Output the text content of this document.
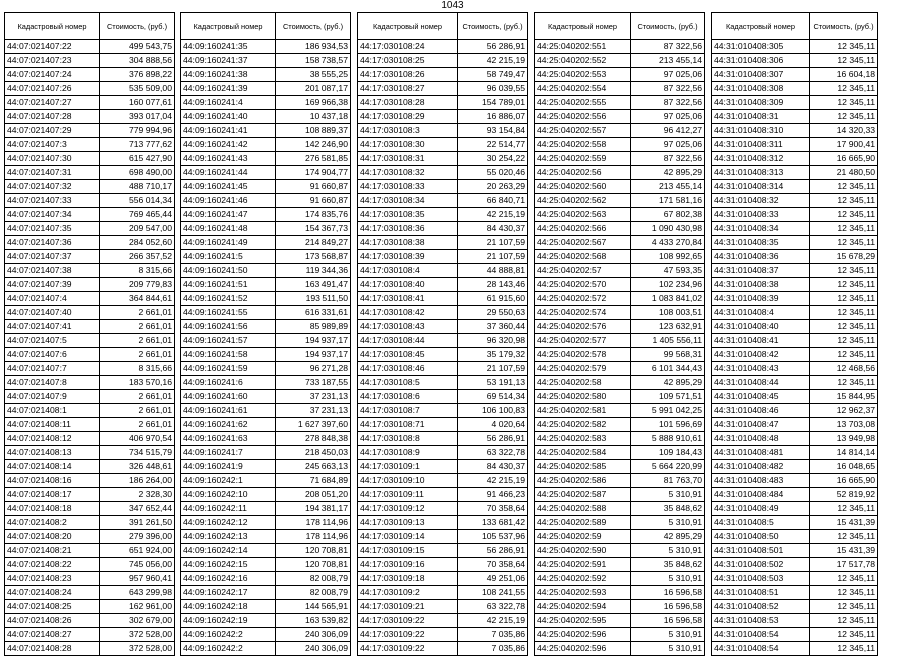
1043
Кадастровый номер	Стоимость, (руб.)
44:07:021407:22	499 543,75
44:07:021407:23	304 888,56
44:07:021407:24	376 898,22
44:07:021407:26	535 509,00
44:07:021407:27	160 077,61
44:07:021407:28	393 017,04
44:07:021407:29	779 994,96
44:07:021407:3	713 777,62
44:07:021407:30	615 427,90
44:07:021407:31	698 490,00
44:07:021407:32	488 710,17
44:07:021407:33	556 014,34
44:07:021407:34	769 465,44
44:07:021407:35	209 547,00
44:07:021407:36	284 052,60
44:07:021407:37	266 357,52
44:07:021407:38	8 315,66
44:07:021407:39	209 779,83
44:07:021407:4	364 844,61
44:07:021407:40	2 661,01
44:07:021407:41	2 661,01
44:07:021407:5	2 661,01
44:07:021407:6	2 661,01
44:07:021407:7	8 315,66
44:07:021407:8	183 570,16
44:07:021407:9	2 661,01
44:07:021408:1	2 661,01
44:07:021408:11	2 661,01
44:07:021408:12	406 970,54
44:07:021408:13	734 515,79
44:07:021408:14	326 448,61
44:07:021408:16	186 264,00
44:07:021408:17	2 328,30
44:07:021408:18	347 652,44
44:07:021408:2	391 261,50
44:07:021408:20	279 396,00
44:07:021408:21	651 924,00
44:07:021408:22	745 056,00
44:07:021408:23	957 960,41
44:07:021408:24	643 299,98
44:07:021408:25	162 961,00
44:07:021408:26	302 679,00
44:07:021408:27	372 528,00
44:07:021408:28	372 528,00
Кадастровый номер	Стоимость, (руб.)
44:09:160241:35	186 934,53
44:09:160241:37	158 738,57
44:09:160241:38	38 555,25
44:09:160241:39	201 087,17
44:09:160241:4	169 966,38
44:09:160241:40	10 437,18
44:09:160241:41	108 889,37
44:09:160241:42	142 246,90
44:09:160241:43	276 581,85
44:09:160241:44	174 904,77
44:09:160241:45	91 660,87
44:09:160241:46	91 660,87
44:09:160241:47	174 835,76
44:09:160241:48	154 367,73
44:09:160241:49	214 849,27
44:09:160241:5	173 568,87
44:09:160241:50	119 344,36
44:09:160241:51	163 491,47
44:09:160241:52	193 511,50
44:09:160241:55	616 331,61
44:09:160241:56	85 989,89
44:09:160241:57	194 937,17
44:09:160241:58	194 937,17
44:09:160241:59	96 271,28
44:09:160241:6	733 187,55
44:09:160241:60	37 231,13
44:09:160241:61	37 231,13
44:09:160241:62	1 627 397,60
44:09:160241:63	278 848,38
44:09:160241:7	218 450,03
44:09:160241:9	245 663,13
44:09:160242:1	71 684,89
44:09:160242:10	208 051,20
44:09:160242:11	194 381,17
44:09:160242:12	178 114,96
44:09:160242:13	178 114,96
44:09:160242:14	120 708,81
44:09:160242:15	120 708,81
44:09:160242:16	82 008,79
44:09:160242:17	82 008,79
44:09:160242:18	144 565,91
44:09:160242:19	163 539,82
44:09:160242:2	240 306,09
44:09:160242:2	240 306,09
Кадастровый номер	Стоимость, (руб.)
44:17:030108:24	56 286,91
44:17:030108:25	42 215,19
44:17:030108:26	58 749,47
44:17:030108:27	96 039,55
44:17:030108:28	154 789,01
44:17:030108:29	16 886,07
44:17:030108:3	93 154,84
44:17:030108:30	22 514,77
44:17:030108:31	30 254,22
44:17:030108:32	55 020,46
44:17:030108:33	20 263,29
44:17:030108:34	66 840,71
44:17:030108:35	42 215,19
44:17:030108:36	84 430,37
44:17:030108:38	21 107,59
44:17:030108:39	21 107,59
44:17:030108:4	44 888,81
44:17:030108:40	28 143,46
44:17:030108:41	61 915,60
44:17:030108:42	29 550,63
44:17:030108:43	37 360,44
44:17:030108:44	96 320,98
44:17:030108:45	35 179,32
44:17:030108:46	21 107,59
44:17:030108:5	53 191,13
44:17:030108:6	69 514,34
44:17:030108:7	106 100,83
44:17:030108:71	4 020,64
44:17:030108:8	56 286,91
44:17:030108:9	63 322,78
44:17:030109:1	84 430,37
44:17:030109:10	42 215,19
44:17:030109:11	91 466,23
44:17:030109:12	70 358,64
44:17:030109:13	133 681,42
44:17:030109:14	105 537,96
44:17:030109:15	56 286,91
44:17:030109:16	70 358,64
44:17:030109:18	49 251,06
44:17:030109:2	108 241,55
44:17:030109:21	63 322,78
44:17:030109:22	42 215,19
44:17:030109:22	7 035,86
44:17:030109:22	7 035,86
Кадастровый номер	Стоимость, (руб.)
44:25:040202:551	87 322,56
44:25:040202:552	213 455,14
44:25:040202:553	97 025,06
44:25:040202:554	87 322,56
44:25:040202:555	87 322,56
44:25:040202:556	97 025,06
44:25:040202:557	96 412,27
44:25:040202:558	97 025,06
44:25:040202:559	87 322,56
44:25:040202:56	42 895,29
44:25:040202:560	213 455,14
44:25:040202:562	171 581,16
44:25:040202:563	67 802,38
44:25:040202:566	1 090 430,98
44:25:040202:567	4 433 270,84
44:25:040202:568	108 992,65
44:25:040202:57	47 593,35
44:25:040202:570	102 234,96
44:25:040202:572	1 083 841,02
44:25:040202:574	108 003,51
44:25:040202:576	123 632,91
44:25:040202:577	1 405 556,11
44:25:040202:578	99 568,31
44:25:040202:579	6 101 344,43
44:25:040202:58	42 895,29
44:25:040202:580	109 571,51
44:25:040202:581	5 991 042,25
44:25:040202:582	101 596,69
44:25:040202:583	5 888 910,61
44:25:040202:584	109 184,43
44:25:040202:585	5 664 220,99
44:25:040202:586	81 763,70
44:25:040202:587	5 310,91
44:25:040202:588	35 848,62
44:25:040202:589	5 310,91
44:25:040202:59	42 895,29
44:25:040202:590	5 310,91
44:25:040202:591	35 848,62
44:25:040202:592	5 310,91
44:25:040202:593	16 596,58
44:25:040202:594	16 596,58
44:25:040202:595	16 596,58
44:25:040202:596	5 310,91
44:25:040202:596	5 310,91
Кадастровый номер	Стоимость, (руб.)
44:31:010408:305	12 345,11
44:31:010408:306	12 345,11
44:31:010408:307	16 604,18
44:31:010408:308	12 345,11
44:31:010408:309	12 345,11
44:31:010408:31	12 345,11
44:31:010408:310	14 320,33
44:31:010408:311	17 900,41
44:31:010408:312	16 665,90
44:31:010408:313	21 480,50
44:31:010408:314	12 345,11
44:31:010408:32	12 345,11
44:31:010408:33	12 345,11
44:31:010408:34	12 345,11
44:31:010408:35	12 345,11
44:31:010408:36	15 678,29
44:31:010408:37	12 345,11
44:31:010408:38	12 345,11
44:31:010408:39	12 345,11
44:31:010408:4	12 345,11
44:31:010408:40	12 345,11
44:31:010408:41	12 345,11
44:31:010408:42	12 345,11
44:31:010408:43	12 468,56
44:31:010408:44	12 345,11
44:31:010408:45	15 844,95
44:31:010408:46	12 962,37
44:31:010408:47	13 703,08
44:31:010408:48	13 949,98
44:31:010408:481	14 814,14
44:31:010408:482	16 048,65
44:31:010408:483	16 665,90
44:31:010408:484	52 819,92
44:31:010408:49	12 345,11
44:31:010408:5	15 431,39
44:31:010408:50	12 345,11
44:31:010408:501	15 431,39
44:31:010408:502	17 517,78
44:31:010408:503	12 345,11
44:31:010408:51	12 345,11
44:31:010408:52	12 345,11
44:31:010408:53	12 345,11
44:31:010408:54	12 345,11
44:31:010408:54	12 345,11
